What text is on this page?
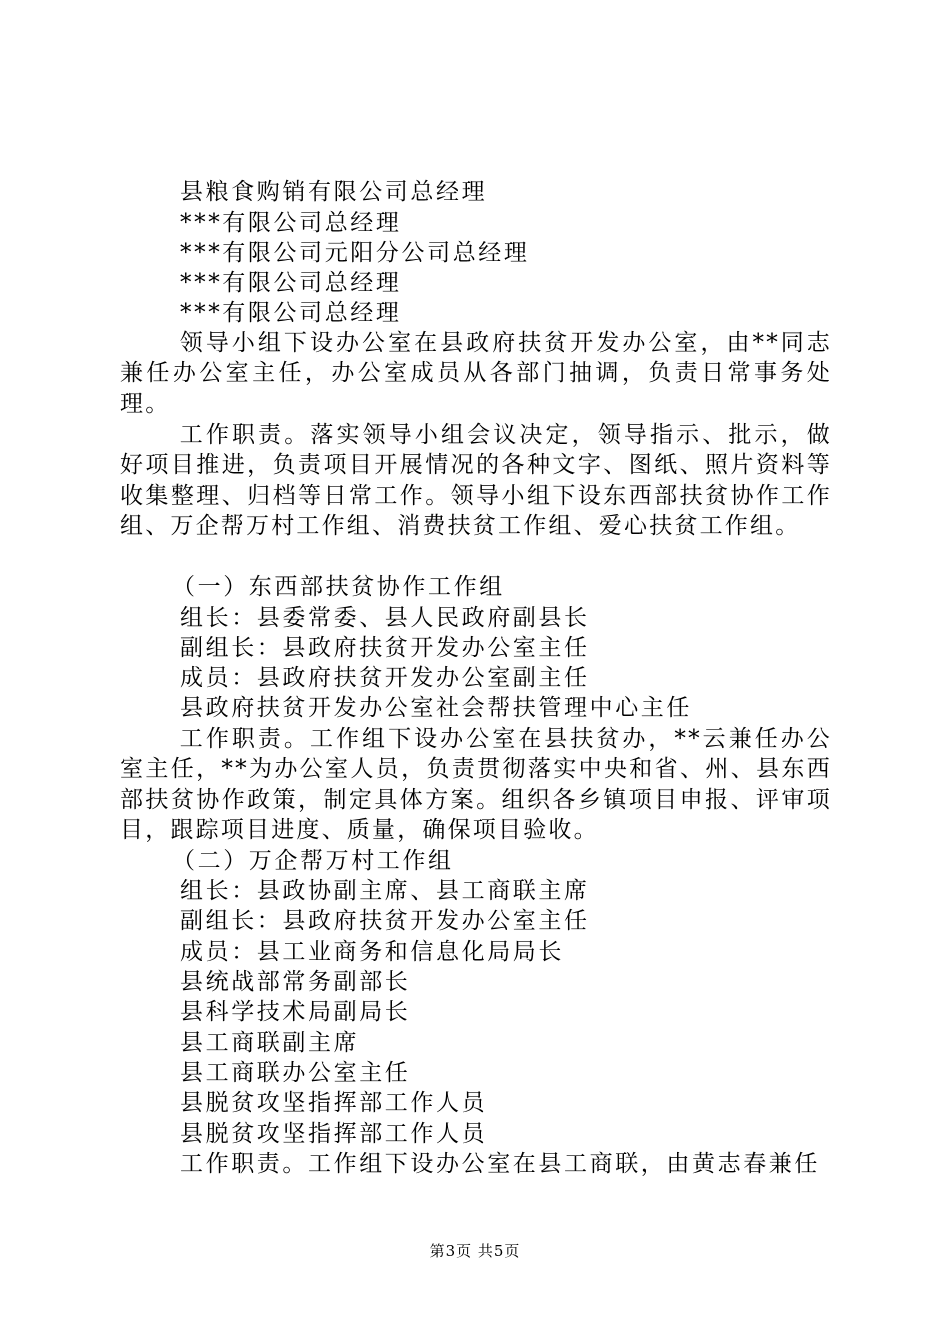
县粮食购销有限公司总经理
***有限公司总经理
***有限公司元阳分公司总经理
***有限公司总经理
***有限公司总经理
领导小组下设办公室在县政府扶贫开发办公室，由**同志兼任办公室主任，办公室成员从各部门抽调，负责日常事务处理。
工作职责。落实领导小组会议决定，领导指示、批示，做好项目推进，负责项目开展情况的各种文字、图纸、照片资料等收集整理、归档等日常工作。领导小组下设东西部扶贫协作工作组、万企帮万村工作组、消费扶贫工作组、爱心扶贫工作组。
（一）东西部扶贫协作工作组
组长：县委常委、县人民政府副县长
副组长：县政府扶贫开发办公室主任
成员：县政府扶贫开发办公室副主任
县政府扶贫开发办公室社会帮扶管理中心主任
工作职责。工作组下设办公室在县扶贫办，**云兼任办公室主任，**为办公室人员，负责贯彻落实中央和省、州、县东西部扶贫协作政策，制定具体方案。组织各乡镇项目申报、评审项目，跟踪项目进度、质量，确保项目验收。
（二）万企帮万村工作组
组长：县政协副主席、县工商联主席
副组长：县政府扶贫开发办公室主任
成员：县工业商务和信息化局局长
县统战部常务副部长
县科学技术局副局长
县工商联副主席
县工商联办公室主任
县脱贫攻坚指挥部工作人员
县脱贫攻坚指挥部工作人员
工作职责。工作组下设办公室在县工商联，由黄志春兼任
第3页 共5页
